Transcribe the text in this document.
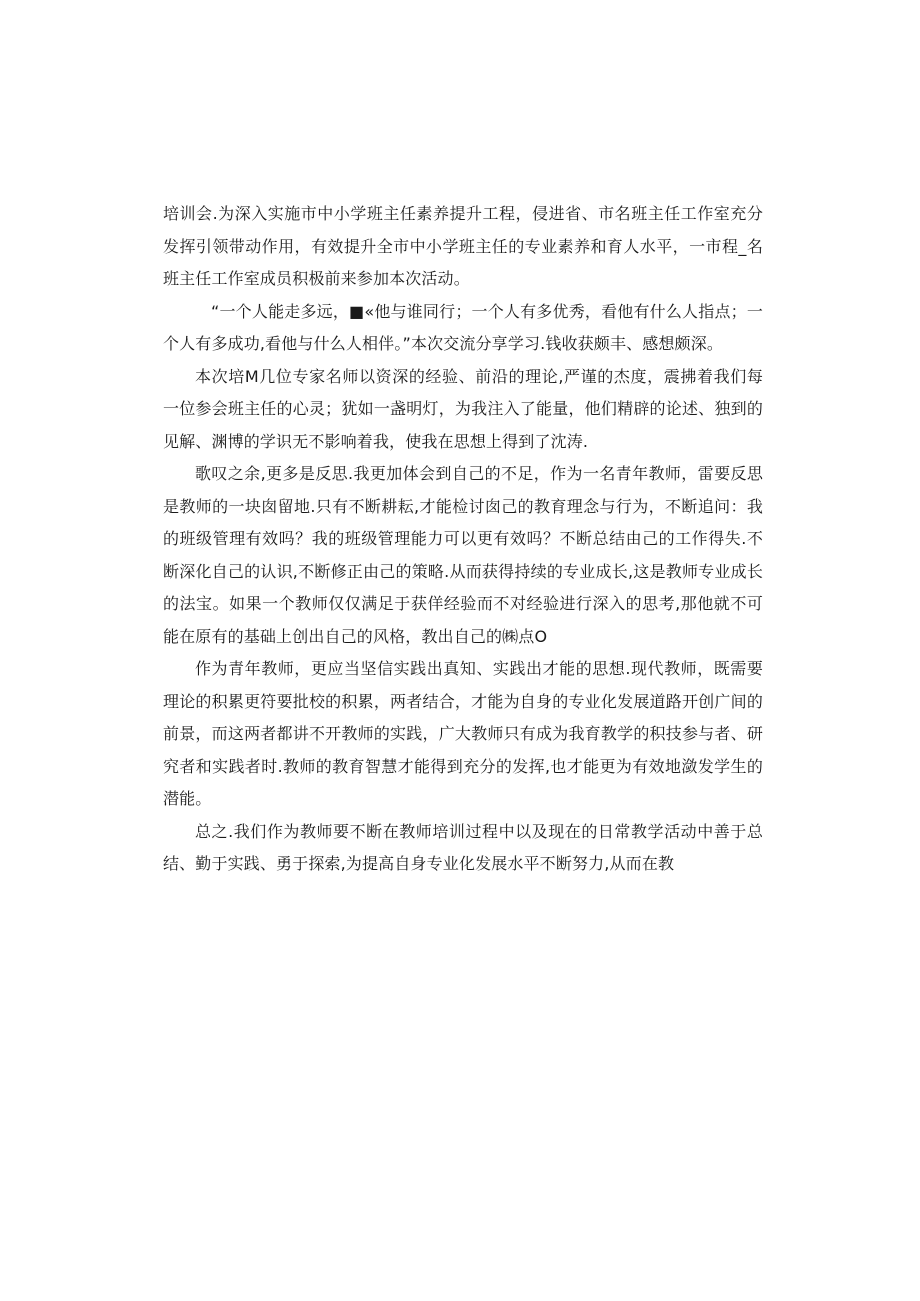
培训会.为深入实施市中小学班主任素养提升工程，侵进省、市名班主任工作室充分发挥引领带动作用，有效提升全市中小学班主任的专业素养和育人水平，一市程_名班主任工作室成员积极前来参加本次活动。

“一个人能走多远，■«他与谁同行；一个人有多优秀，看他有什么人指点；一个人有多成功,看他与什么人相伴。”本次交流分享学习.钱收获颇丰、感想颇深。

本次培M几位专家名师以资深的经验、前沿的理论,严谨的杰度，震拂着我们每一位参会班主任的心灵；犹如一盏明灯，为我注入了能量，他们精辟的论述、独到的见解、渊博的学识无不影响着我，使我在思想上得到了沈涛.

歌叹之余,更多是反思.我更加体会到自己的不足，作为一名青年教师，雷要反思是教师的一块囱留地.只有不断耕耘,才能检讨囱己的教育理念与行为，不断追问：我的班级管理有效吗？我的班级管理能力可以更有效吗？不断总结由己的工作得失.不断深化自己的认识,不断修正由己的策略.从而获得持续的专业成长,这是教师专业成长的法宝。如果一个教师仅仅满足于获佯经验而不对经验进行深入的思考,那他就不可能在原有的基础上创出自己的风格，教出自己的㈱点O

作为青年教师，更应当坚信实践出真知、实践出才能的思想.现代教师，既需要理论的积累更符要批校的积累，两者结合，才能为自身的专业化发展道路开创广间的前景，而这两者都讲不开教师的实践，广大教师只有成为我育教学的积技参与者、研究者和实践者时.教师的教育智慧才能得到充分的发挥,也才能更为有效地潋发学生的潜能。

总之.我们作为教师要不断在教师培训过程中以及现在的日常教学活动中善于总结、勤于实践、勇于探索,为提高自身专业化发展水平不断努力,从而在教
